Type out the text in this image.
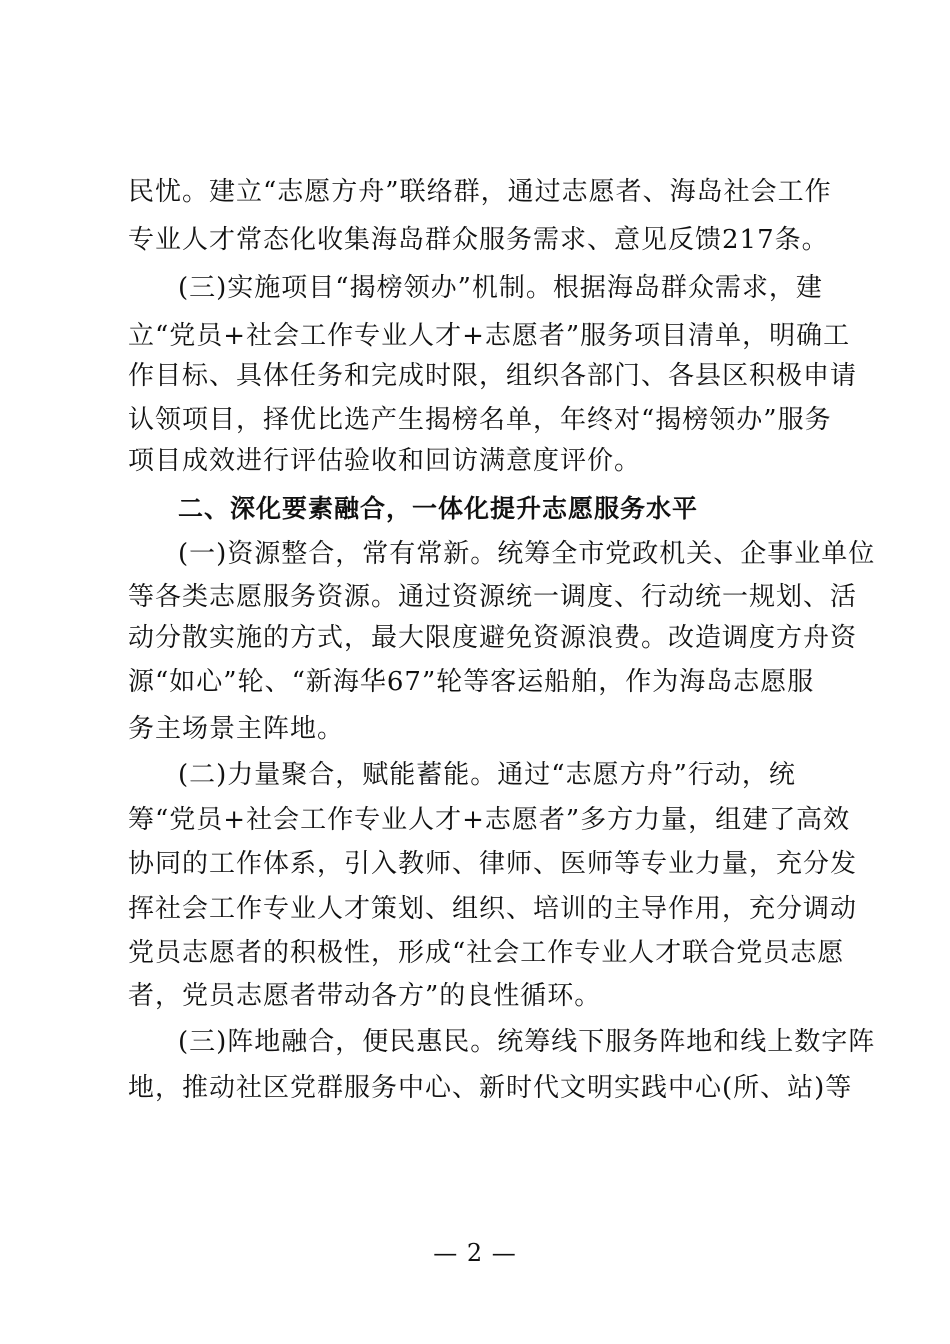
民忧。建立“志愿方舟”联络群，通过志愿者、海岛社会工作
专业人才常态化收集海岛群众服务需求、意见反馈217条。
(三)实施项目“揭榜领办”机制。根据海岛群众需求，建
立“党员+社会工作专业人才+志愿者”服务项目清单，明确工
作目标、具体任务和完成时限，组织各部门、各县区积极申请
认领项目，择优比选产生揭榜名单，年终对“揭榜领办”服务
项目成效进行评估验收和回访满意度评价。
二、深化要素融合，一体化提升志愿服务水平
(一)资源整合，常有常新。统筹全市党政机关、企事业单位
等各类志愿服务资源。通过资源统一调度、行动统一规划、活
动分散实施的方式，最大限度避免资源浪费。改造调度方舟资
源“如心”轮、“新海华67”轮等客运船舶，作为海岛志愿服
务主场景主阵地。
(二)力量聚合，赋能蓄能。通过“志愿方舟”行动，统
筹“党员+社会工作专业人才+志愿者”多方力量，组建了高效
协同的工作体系，引入教师、律师、医师等专业力量，充分发
挥社会工作专业人才策划、组织、培训的主导作用，充分调动
党员志愿者的积极性，形成“社会工作专业人才联合党员志愿
者，党员志愿者带动各方”的良性循环。
(三)阵地融合，便民惠民。统筹线下服务阵地和线上数字阵
地，推动社区党群服务中心、新时代文明实践中心(所、站)等
— 2 —
